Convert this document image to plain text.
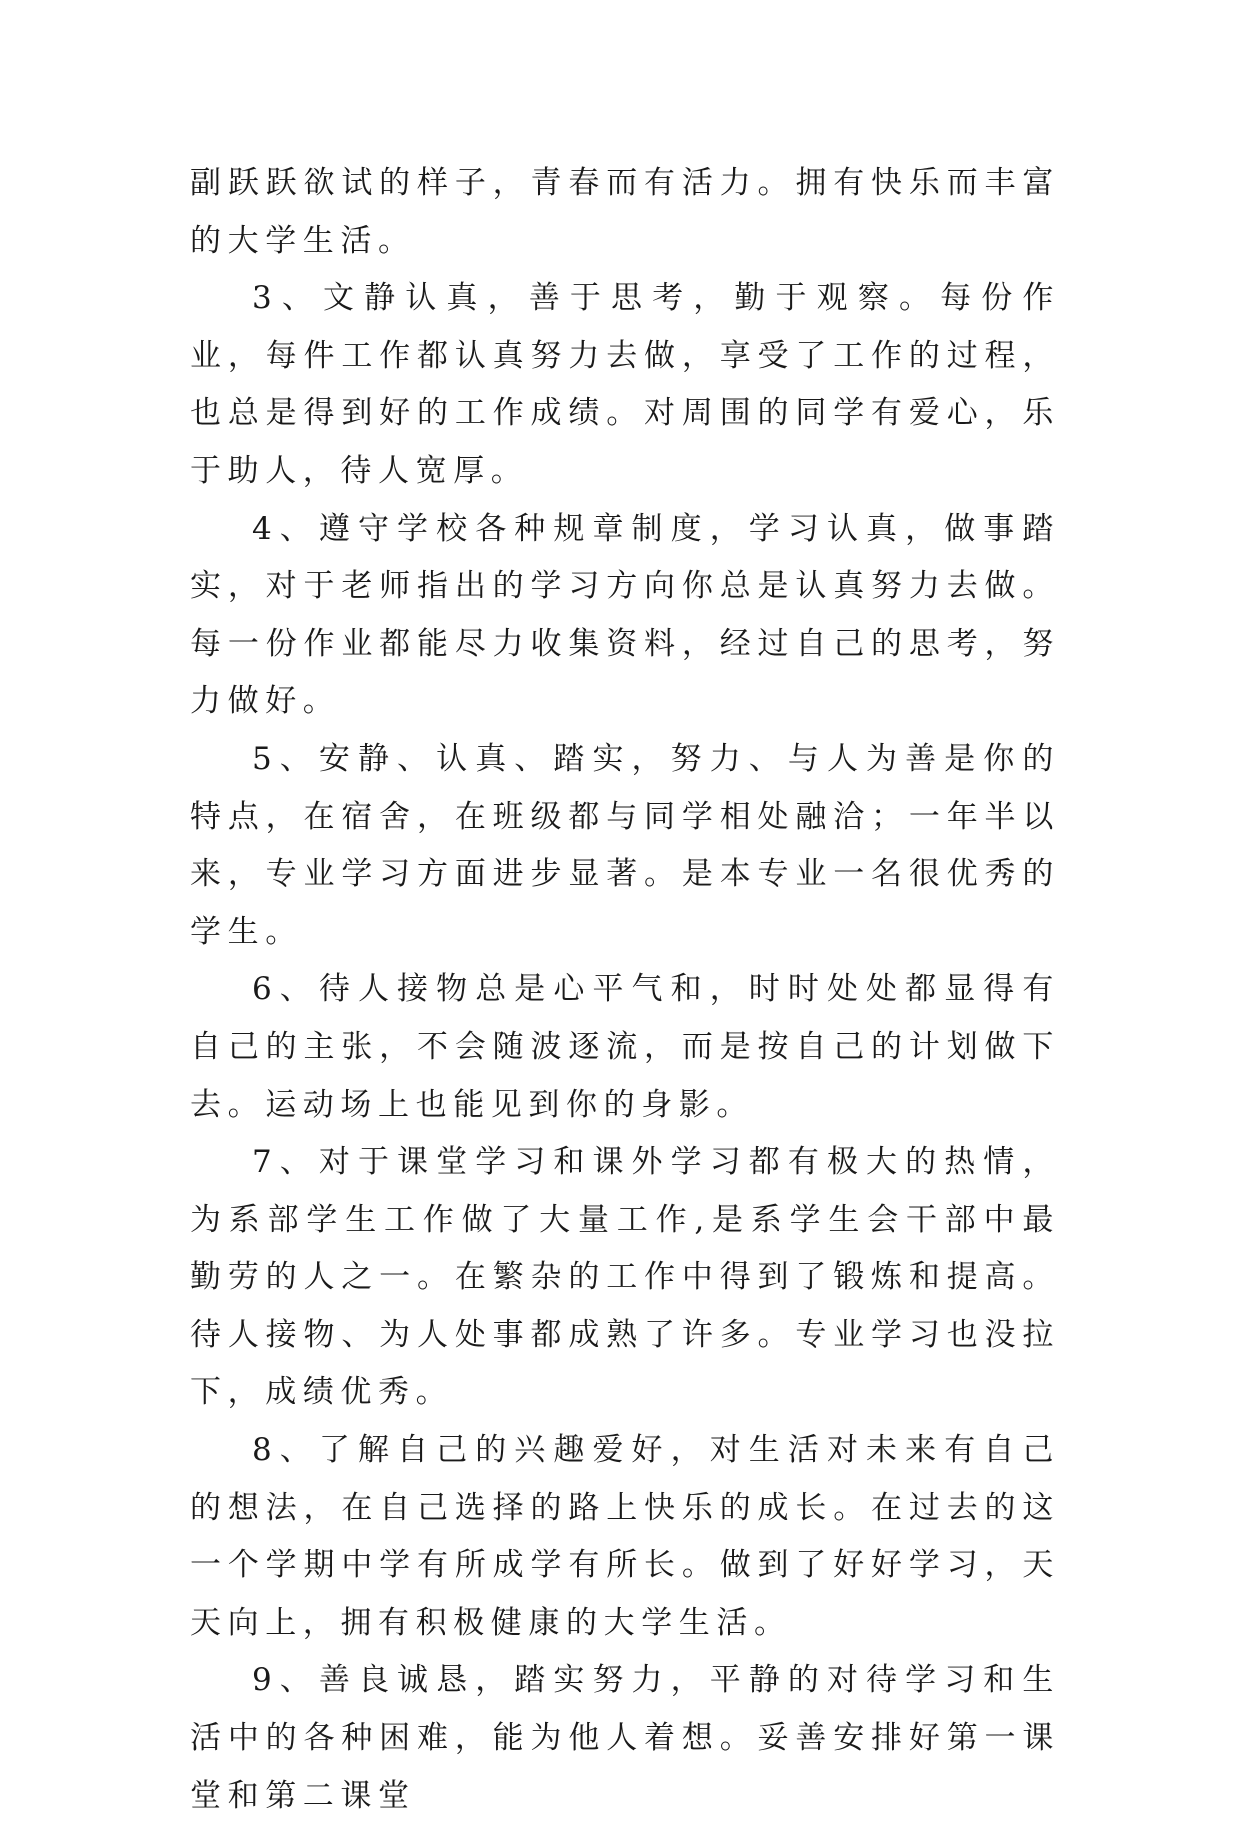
副跃跃欲试的样子，青春而有活力。拥有快乐而丰富的大学生活。

3、文静认真，善于思考，勤于观察。每份作业，每件工作都认真努力去做，享受了工作的过程，也总是得到好的工作成绩。对周围的同学有爱心，乐于助人，待人宽厚。

4、遵守学校各种规章制度，学习认真，做事踏实，对于老师指出的学习方向你总是认真努力去做。每一份作业都能尽力收集资料，经过自己的思考，努力做好。

5、安静、认真、踏实，努力、与人为善是你的特点，在宿舍，在班级都与同学相处融洽；一年半以来，专业学习方面进步显著。是本专业一名很优秀的学生。

6、待人接物总是心平气和，时时处处都显得有自己的主张，不会随波逐流，而是按自己的计划做下去。运动场上也能见到你的身影。

7、对于课堂学习和课外学习都有极大的热情，为系部学生工作做了大量工作,是系学生会干部中最勤劳的人之一。在繁杂的工作中得到了锻炼和提高。待人接物、为人处事都成熟了许多。专业学习也没拉下，成绩优秀。

8、了解自己的兴趣爱好，对生活对未来有自己的想法，在自己选择的路上快乐的成长。在过去的这一个学期中学有所成学有所长。做到了好好学习，天天向上，拥有积极健康的大学生活。

9、善良诚恳，踏实努力，平静的对待学习和生活中的各种困难，能为他人着想。妥善安排好第一课堂和第二课堂
